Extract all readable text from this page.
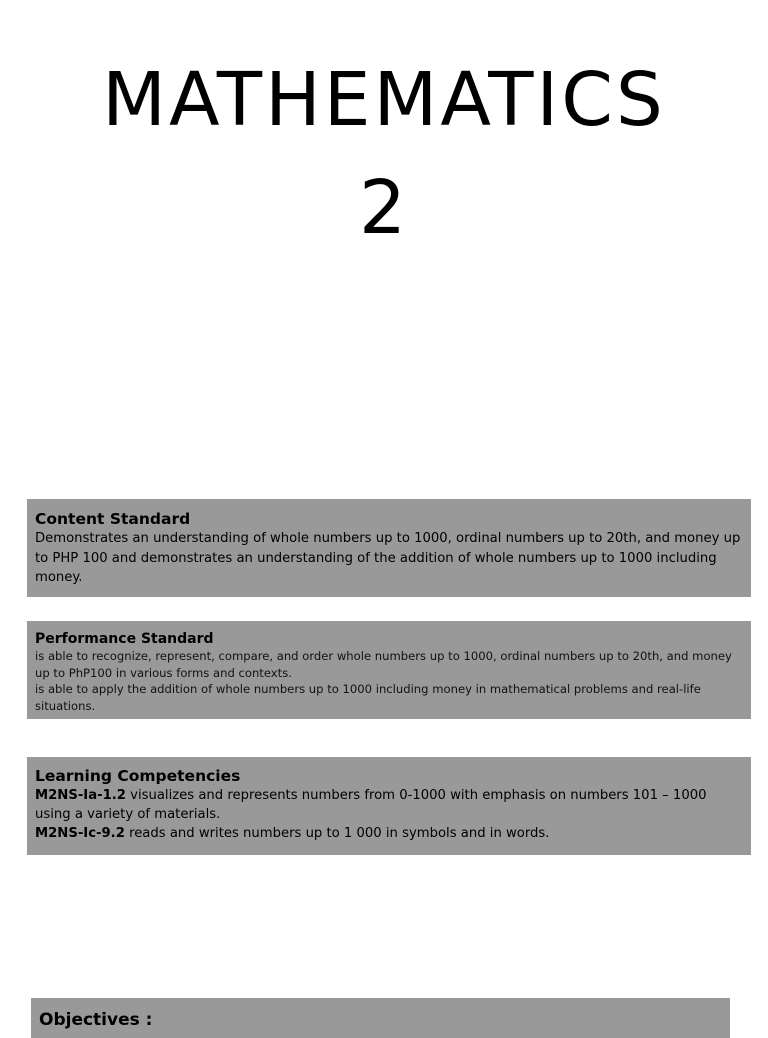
MATHEMATICS
2

Content Standard

Demonstrates an understanding of whole numbers up to 1000, ordinal numbers up to 20th, and money up to PHP 100 and demonstrates an understanding of the addition of whole numbers up to 1000 including money.

Performance Standard

is able to recognize, represent, compare, and order whole numbers up to 1000, ordinal numbers up to 20th, and money up to PhP100 in various forms and contexts.

is able to apply the addition of whole numbers up to 1000 including money in mathematical problems and real-life situations.

Learning Competencies

M2NS-Ia-1.2 visualizes and represents numbers from 0-1000 with emphasis on numbers 101 – 1000 using a variety of materials.

M2NS-Ic-9.2 reads and writes numbers up to 1 000 in symbols and in words.

Objectives :
